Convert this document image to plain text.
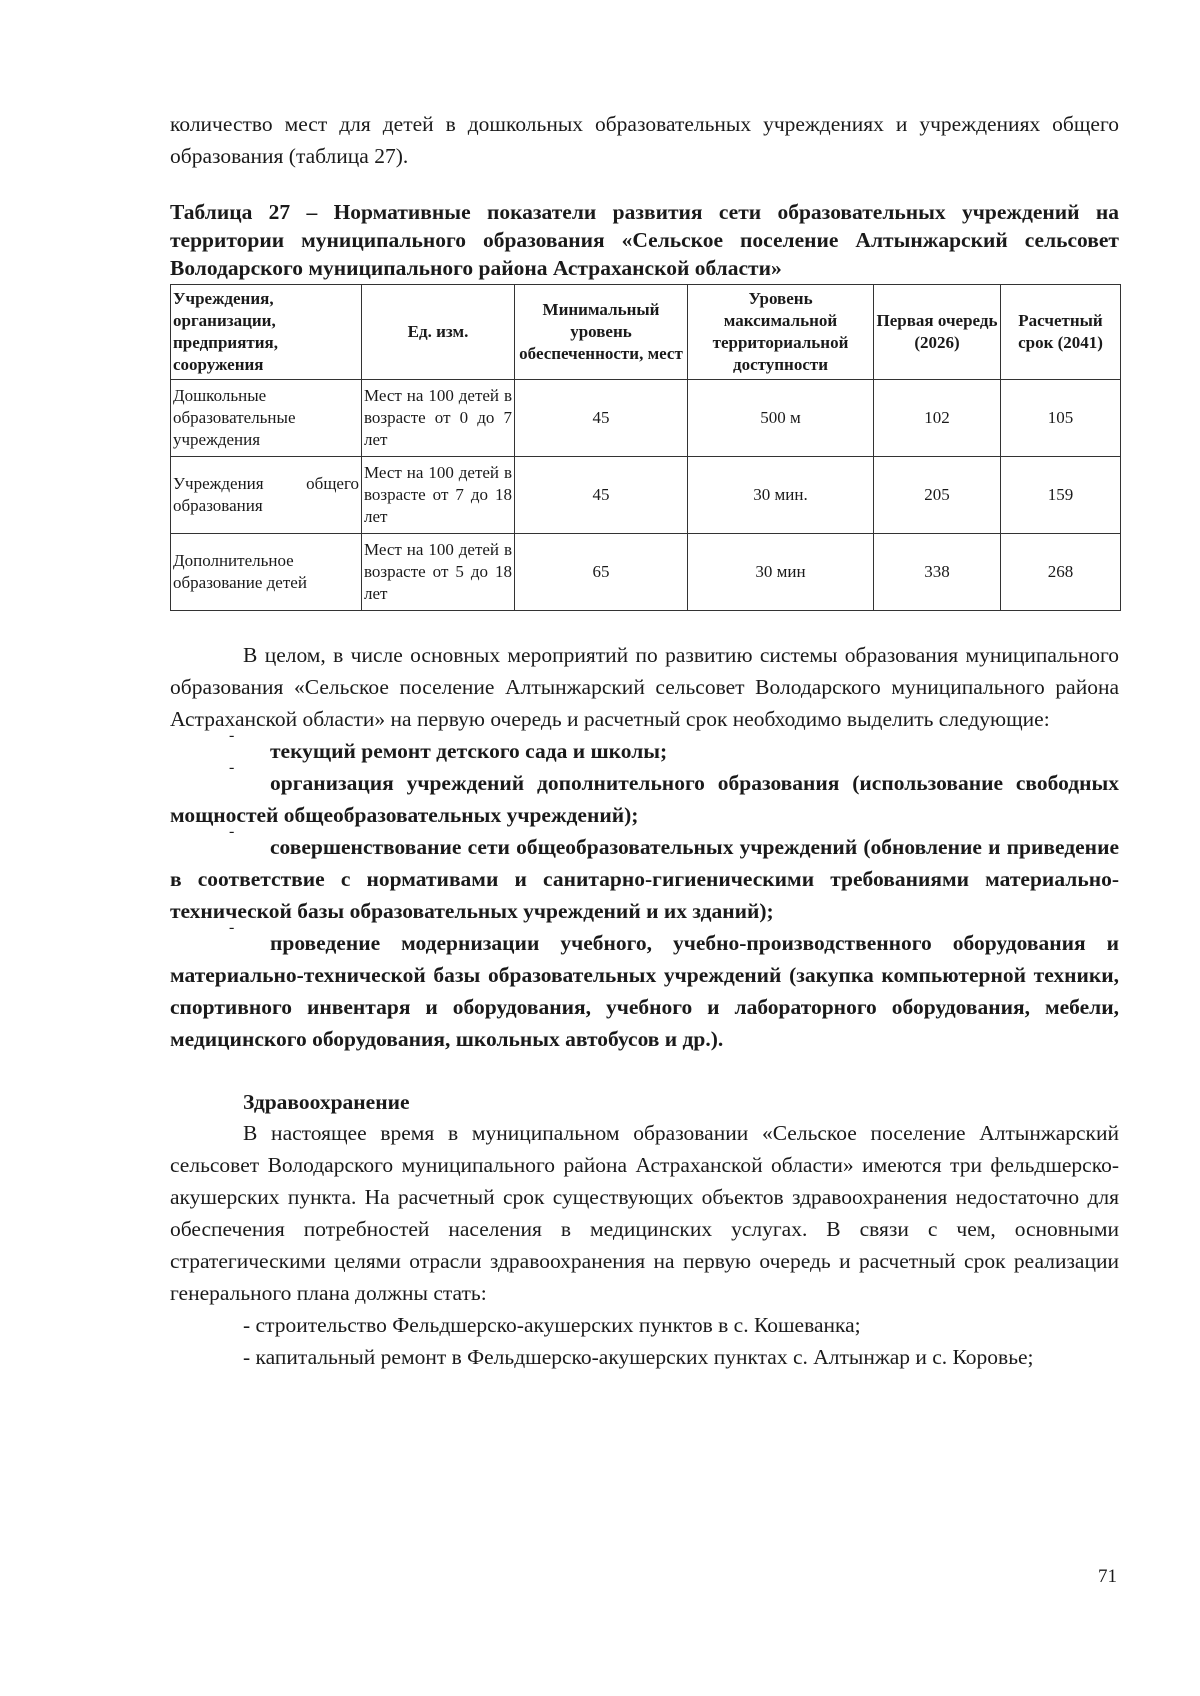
количество мест для детей в дошкольных образовательных учреждениях и учреждениях общего образования (таблица 27).

Таблица 27 – Нормативные показатели развития сети образовательных учреждений на территории муниципального образования «Сельское поселение Алтынжарский сельсовет Володарского муниципального района Астраханской области»

Учреждения, организации, предприятия, сооружения	Ед. изм.	Минимальный уровень обеспеченности, мест	Уровень максимальной территориальной доступности	Первая очередь (2026)	Расчетный срок (2041)
Дошкольные образовательные учреждения	Мест на 100 детей в возрасте от 0 до 7 лет	45	500 м	102	105
Учреждения общего образования	Мест на 100 детей в возрасте от 7 до 18 лет	45	30 мин.	205	159
Дополнительное образование детей	Мест на 100 детей в возрасте от 5 до 18 лет	65	30 мин	338	268

В целом, в числе основных мероприятий по развитию системы образования муниципального образования «Сельское поселение Алтынжарский сельсовет Володарского муниципального района Астраханской области» на первую очередь и расчетный срок необходимо выделить следующие:

-
текущий ремонт детского сада и школы;

-
организация учреждений дополнительного образования (использование свободных мощностей общеобразовательных учреждений);

-
совершенствование сети общеобразовательных учреждений (обновление и приведение в соответствие с нормативами и санитарно-гигиеническими требованиями материально-технической базы образовательных учреждений и их зданий);

-
проведение модернизации учебного, учебно-производственного оборудования и материально-технической базы образовательных учреждений (закупка компьютерной техники, спортивного инвентаря и оборудования, учебного и лабораторного оборудования, мебели, медицинского оборудования, школьных автобусов и др.).

Здравоохранение

В настоящее время в муниципальном образовании «Сельское поселение Алтынжарский сельсовет Володарского муниципального района Астраханской области» имеются три фельдшерско-акушерских пункта. На расчетный срок существующих объектов здравоохранения недостаточно для обеспечения потребностей населения в медицинских услугах. В связи с чем, основными стратегическими целями отрасли здравоохранения на первую очередь и расчетный срок реализации генерального плана должны стать:

- строительство Фельдшерско-акушерских пунктов в с. Кошеванка;

- капитальный ремонт в Фельдшерско-акушерских пунктах с. Алтынжар и с. Коровье;

71
